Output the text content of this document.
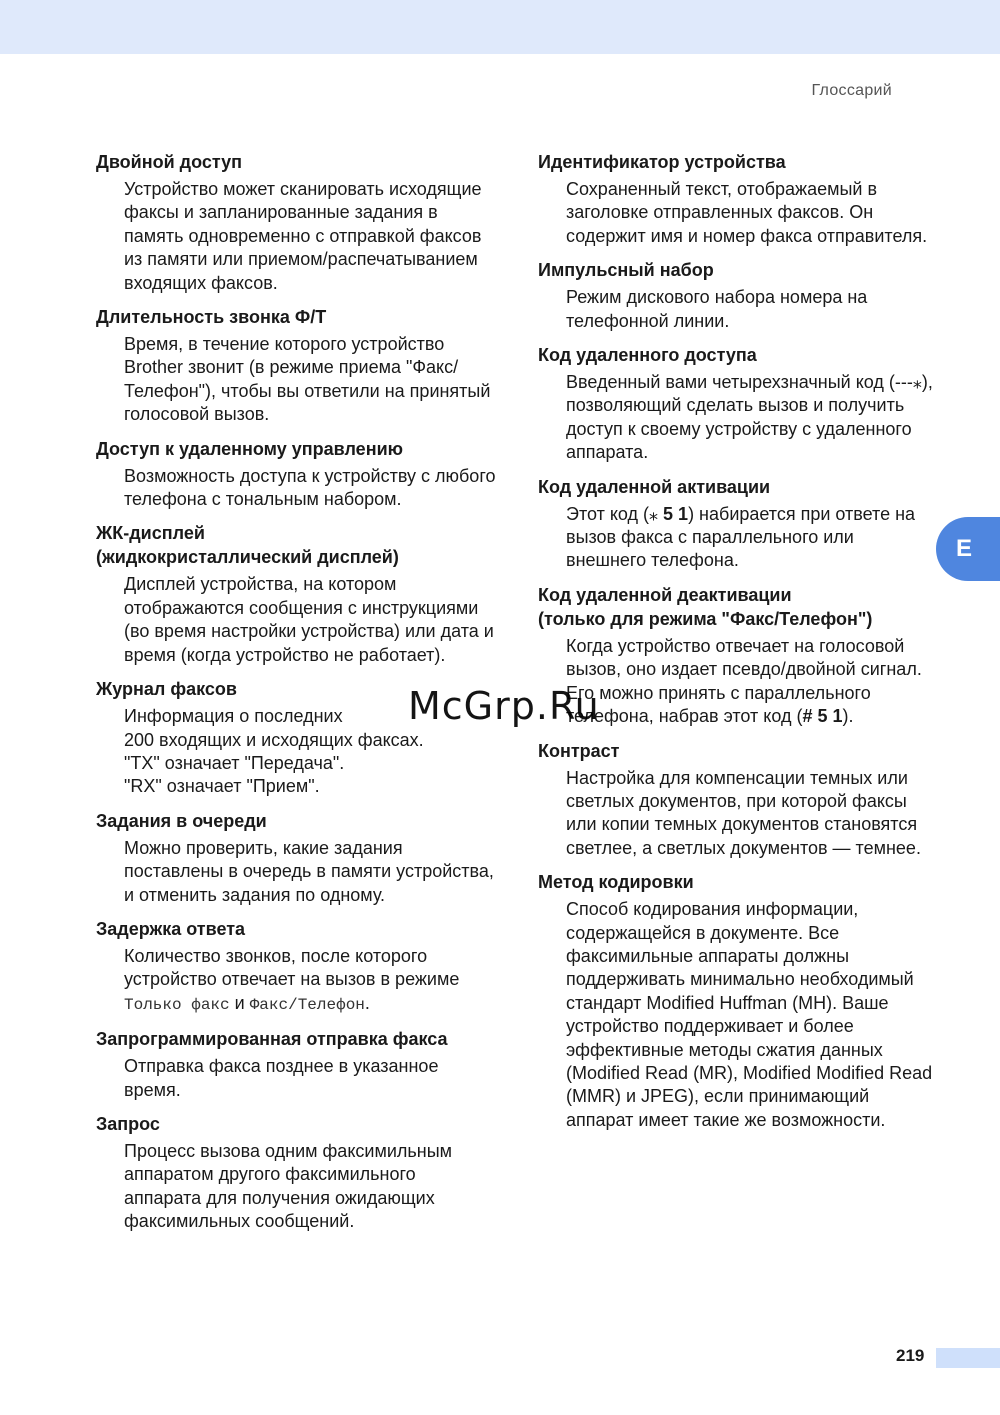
Глоссарий

Двойной доступ

Устройство может сканировать исходящие факсы и запланированные задания в память одновременно с отправкой факсов из памяти или приемом/распечатыванием входящих факсов.

Длительность звонка Ф/Т

Время, в течение которого устройство Brother звонит (в режиме приема "Факс/Телефон"), чтобы вы ответили на принятый голосовой вызов.

Доступ к удаленному управлению

Возможность доступа к устройству с любого телефона с тональным набором.

ЖК-дисплей
(жидкокристаллический дисплей)

Дисплей устройства, на котором отображаются сообщения с инструкциями (во время настройки устройства) или дата и время (когда устройство не работает).

Журнал факсов

Информация о последних
200 входящих и исходящих факсах.
"TX" означает "Передача".
"RX" означает "Прием".

Задания в очереди

Можно проверить, какие задания поставлены в очередь в памяти устройства, и отменить задания по одному.

Задержка ответа

Количество звонков, после которого устройство отвечает на вызов в режиме Только факс и Факс/Телефон.

Запрограммированная отправка факса

Отправка факса позднее в указанное время.

Запрос

Процесс вызова одним факсимильным аппаратом другого факсимильного аппарата для получения ожидающих факсимильных сообщений.

Идентификатор устройства

Сохраненный текст, отображаемый в заголовке отправленных факсов. Он содержит имя и номер факса отправителя.

Импульсный набор

Режим дискового набора номера на телефонной линии.

Код удаленного доступа

Введенный вами четырехзначный код (---⁎), позволяющий сделать вызов и получить доступ к своему устройству с удаленного аппарата.

Код удаленной активации

Этот код (⁎ 5 1) набирается при ответе на вызов факса с параллельного или внешнего телефона.

Код удаленной деактивации
(только для режима "Факс/Телефон")

Когда устройство отвечает на голосовой вызов, оно издает псевдо/двойной сигнал. Его можно принять с параллельного телефона, набрав этот код (# 5 1).

Контраст

Настройка для компенсации темных или светлых документов, при которой факсы или копии темных документов становятся светлее, а светлых документов — темнее.

Метод кодировки

Способ кодирования информации, содержащейся в документе. Все факсимильные аппараты должны поддерживать минимально необходимый стандарт Modified Huffman (MH). Ваше устройство поддерживает и более эффективные методы сжатия данных (Modified Read (MR), Modified Modified Read (MMR) и JPEG), если принимающий аппарат имеет такие же возможности.

E
McGrp.Ru
219
